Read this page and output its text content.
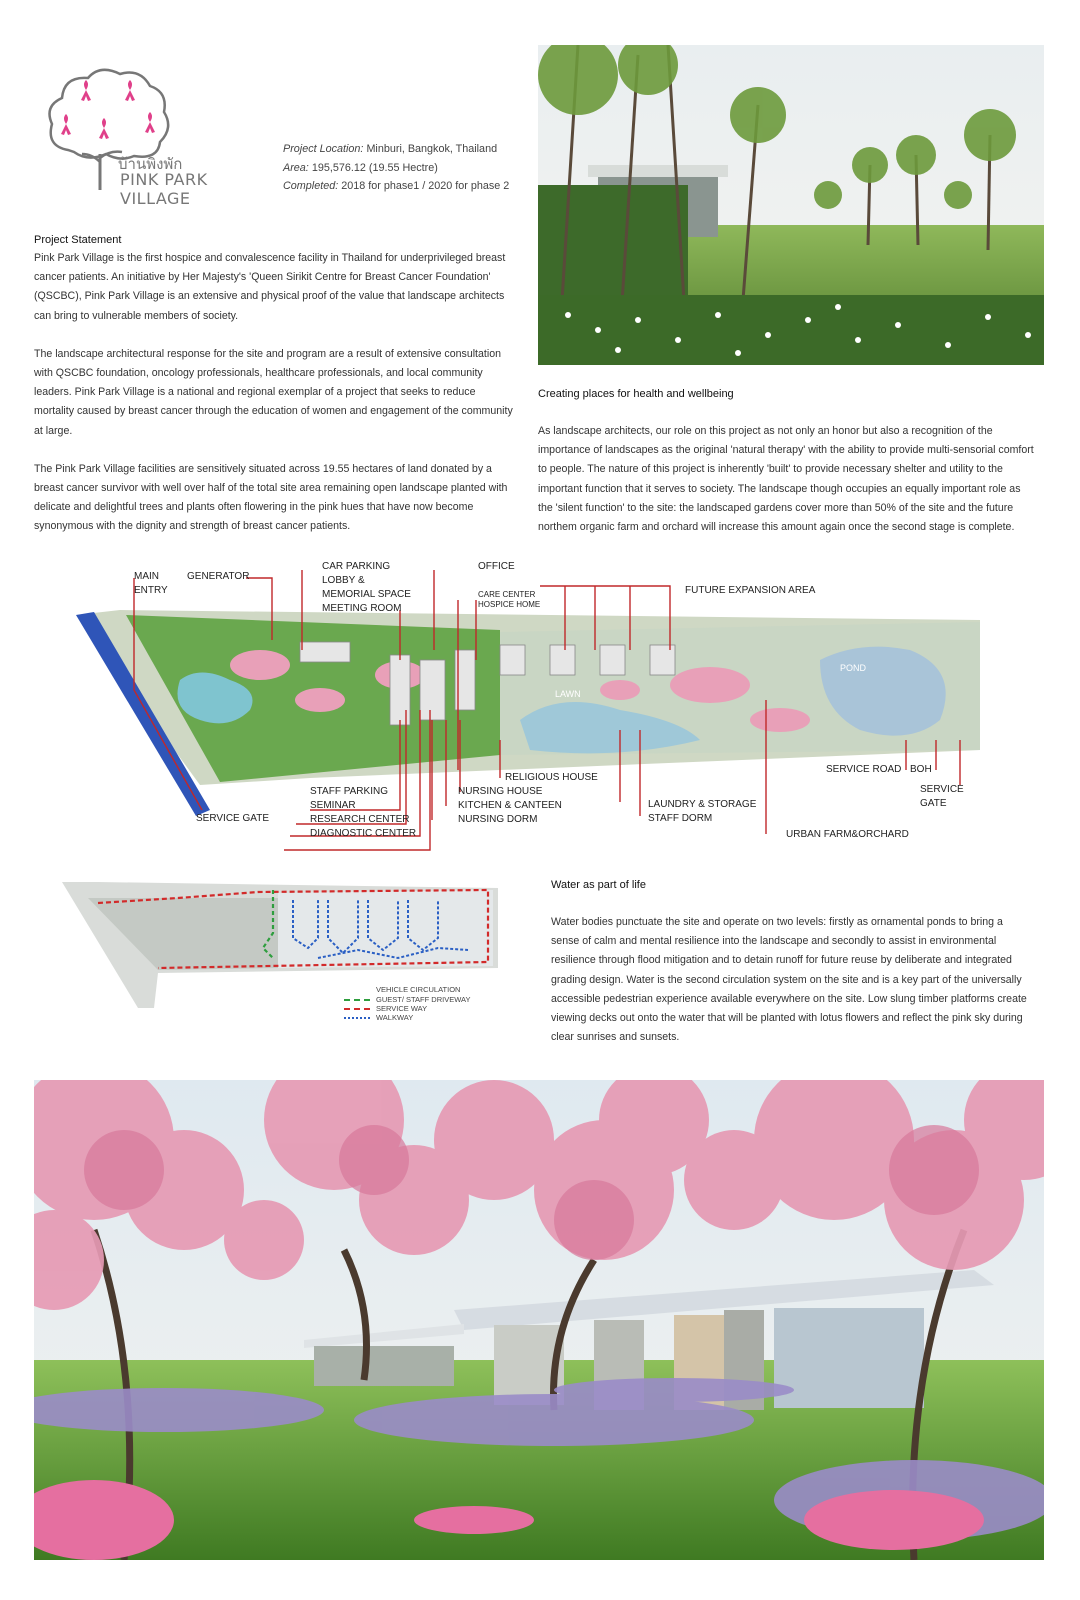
บ้านพิงพัก
PINK PARK VILLAGE
Project Location: Minburi, Bangkok, Thailand
Area: 195,576.12 (19.55 Hectre)
Completed: 2018 for phase1 / 2020 for phase 2

Project Statement

Pink Park Village is the first hospice and convalescence facility in Thailand for underprivileged breast cancer patients. An initiative by Her Majesty's 'Queen Sirikit Centre for Breast Cancer Foundation' (QSCBC), Pink Park Village is an extensive and physical proof of the value that landscape architects can bring to vulnerable members of society.

The landscape architectural response for the site and program are a result of extensive consultation with QSCBC foundation, oncology professionals, healthcare professionals, and local community leaders. Pink Park Village is a national and regional exemplar of a project that seeks to reduce mortality caused by breast cancer through the education of women and engagement of the community at large.

The Pink Park Village facilities are sensitively situated across 19.55 hectares of land donated by a breast cancer survivor with well over half of the total site area remaining open landscape planted with delicate and delightful trees and plants often flowering in the pink hues that have now become synonymous with the dignity and strength of breast cancer patients.

Creating places for health and wellbeing

As landscape architects, our role on this project as not only an honor but also a recognition of the importance of landscapes as the original 'natural therapy' with the ability to provide multi-sensorial comfort to people. The nature of this project is inherently 'built' to provide necessary shelter and utility to the important function that it serves to society. The landscape though occupies an equally important role as the 'silent function' to the site: the landscaped gardens cover more than 50% of the site and the future northem organic farm and orchard will increase this amount again once the second stage is complete.

LAWN
POND
MAIN
ENTRY
GENERATOR
CAR PARKING
LOBBY &
MEMORIAL SPACE
MEETING ROOM
OFFICE
CARE CENTER
HOSPICE HOME
FUTURE EXPANSION AREA
RELIGIOUS HOUSE
SERVICE ROAD BOH
SERVICE
GATE
STAFF PARKING
SEMINAR
RESEARCH CENTER
DIAGNOSTIC CENTER
NURSING HOUSE
KITCHEN & CANTEEN
NURSING DORM
LAUNDRY & STORAGE
STAFF DORM
SERVICE GATE
URBAN FARM&ORCHARD
VEHICLE CIRCULATION
GUEST/ STAFF DRIVEWAY
SERVICE WAY
WALKWAY

Water as part of life

Water bodies punctuate the site and operate on two levels: firstly as ornamental ponds to bring a sense of calm and mental resilience into the landscape and secondly to assist in environmental resilience through flood mitigation and to detain runoff for future reuse by deliberate and integrated grading design. Water is the second circulation system on the site and is a key part of the universally accessible pedestrian experience available everywhere on the site. Low slung timber platforms create viewing decks out onto the water that will be planted with lotus flowers and reflect the pink sky during clear sunrises and sunsets.
